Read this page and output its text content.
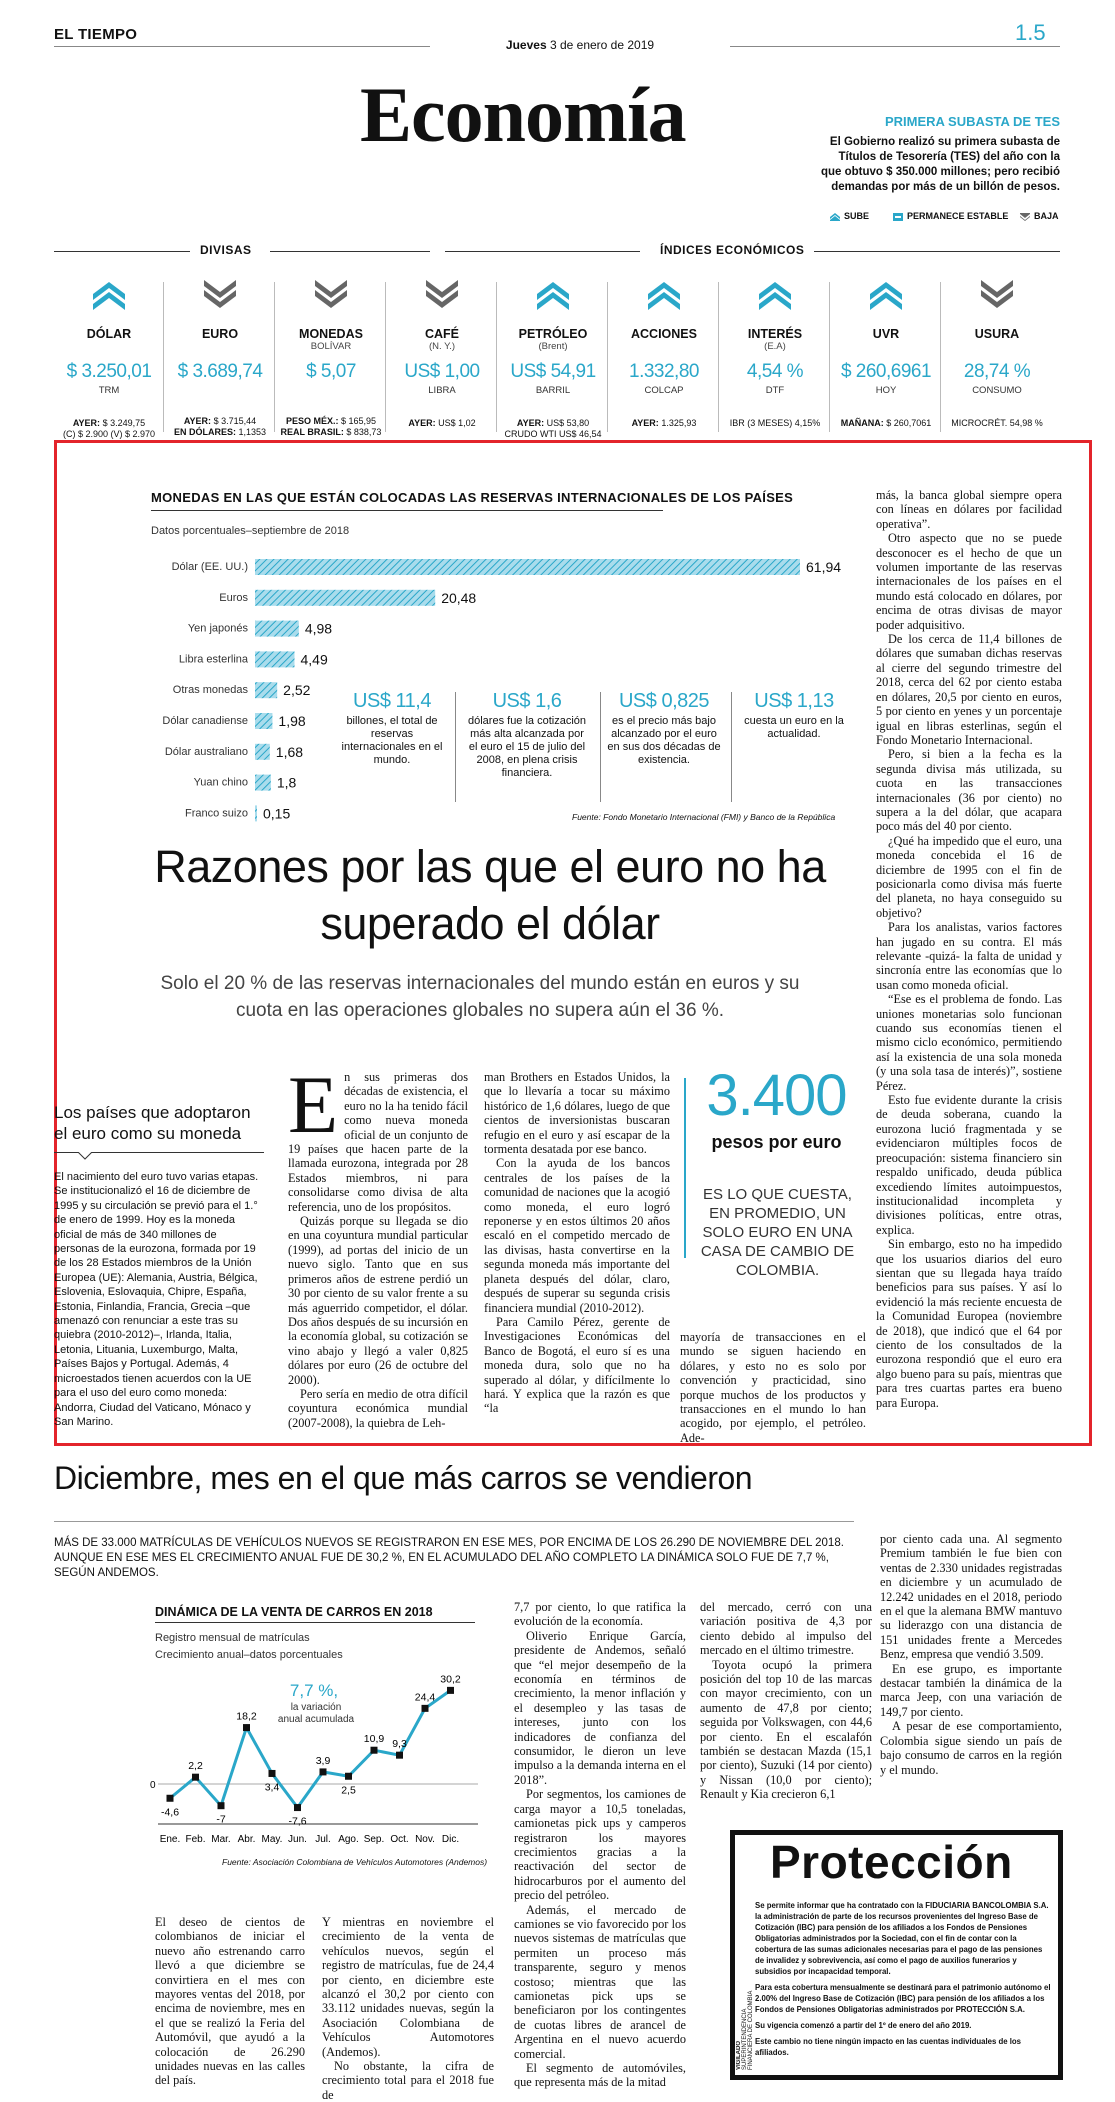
EL TIEMPO
Jueves 3 de enero de 2019	1.5
Economía	PRIMERA SUBASTA DE TES
El Gobierno realizó su primera subasta de Títulos de Tesorería (TES) del año con la que obtuvo $ 350.000 millones; pero recibió demandas por más de un billón de pesos.
SUBE	PERMANECE ESTABLE	BAJA
DIVISAS	ÍNDICES ECONÓMICOS
DÓLAR
$ 3.250,01
TRM
AYER: $ 3.249,75
(C) $ 2.900 (V) $ 2.970
EURO
$ 3.689,74
AYER: $ 3.715,44
EN DÓLARES: 1,1353
MONEDAS
BOLÍVAR
$ 5,07
PESO MÉX.: $ 165,95
REAL BRASIL: $ 838,73
CAFÉ
(N. Y.)
US$ 1,00
LIBRA
AYER: US$ 1,02
PETRÓLEO
(Brent)
US$ 54,91
BARRIL
AYER: US$ 53,80
CRUDO WTI US$ 46,54
ACCIONES
1.332,80
COLCAP
AYER: 1.325,93
INTERÉS
(E.A)
4,54 %
DTF
IBR (3 MESES) 4,15%
UVR
$ 260,6961
HOY
MAÑANA: $ 260,7061
USURA
28,74 %
CONSUMO
MICROCRÉT. 54,98 %
MONEDAS EN LAS QUE ESTÁN COLOCADAS LAS RESERVAS INTERNACIONALES DE LOS PAÍSES
Datos porcentuales–septiembre de 2018
Dólar (EE. UU.)	61,94
Euros	20,48
Yen japonés	4,98
Libra esterlina	4,49
Otras monedas	2,52
Dólar canadiense 1,98
Dólar australiano 1,68
Yuan chino 1,8
Franco suizo 0,15
US$ 11,4
billones, el total de reservas internacionales en el mundo.
US$ 1,6
dólares fue la cotización más alta alcanzada por el euro el 15 de julio del 2008, en plena crisis financiera.
US$ 0,825
es el precio más bajo alcanzado por el euro en sus dos décadas de existencia.
US$ 1,13
cuesta un euro en la actualidad.
Fuente: Fondo Monetario Internacional (FMI) y Banco de la República
Razones por las que el euro no ha superado el dólar
Solo el 20 % de las reservas internacionales del mundo están en euros y su cuota en las operaciones globales no supera aún el 36 %.
Los países que adoptaron el euro como su moneda
El nacimiento del euro tuvo varias etapas. Se institucionalizó el 16 de diciembre de 1995 y su circulación se previó para el 1.° de enero de 1999. Hoy es la moneda oficial de más de 340 millones de personas de la eurozona, formada por 19 de los 28 Estados miembros de la Unión Europea (UE): Alemania, Austria, Bélgica, Eslovenia, Eslovaquia, Chipre, España, Estonia, Finlandia, Francia, Grecia –que amenazó con renunciar a este tras su quiebra (2010-2012)–, Irlanda, Italia, Letonia, Lituania, Luxemburgo, Malta, Países Bajos y Portugal. Además, 4 microestados tienen acuerdos con la UE para el uso del euro como moneda: Andorra, Ciudad del Vaticano, Mónaco y San Marino.
E n sus primeras dos décadas de existencia, el euro no la ha tenido fácil como nueva moneda oficial de un conjunto de 19 países que hacen parte de la llamada eurozona, integrada por 28 Estados miembros, ni para consolidarse como divisa de alta referencia, uno de los propósitos.

Quizás porque su llegada se dio en una coyuntura mundial particular (1999), ad portas del inicio de un nuevo siglo. Tanto que en sus primeros años de estrene perdió un 30 por ciento de su valor frente a su más aguerrido competidor, el dólar. Dos años después de su incursión en la economía global, su cotización se vino abajo y llegó a valer 0,825 dólares por euro (26 de octubre del 2000).

Pero sería en medio de otra difícil coyuntura económica mundial (2007-2008), la quiebra de Leh-

man Brothers en Estados Unidos, la que lo llevaría a tocar su máximo histórico de 1,6 dólares, luego de que cientos de inversionistas buscaran refugio en el euro y así escapar de la tormenta desatada por ese banco.

Con la ayuda de los bancos centrales de los países de la comunidad de naciones que la acogió como moneda, el euro logró reponerse y en estos últimos 20 años escaló en el competido mercado de las divisas, hasta convertirse en la segunda moneda más importante del planeta después del dólar, claro, después de superar su segunda crisis financiera mundial (2010-2012).

Para Camilo Pérez, gerente de Investigaciones Económicas del Banco de Bogotá, el euro sí es una moneda dura, solo que no ha superado al dólar, y difícilmente lo hará. Y explica que la razón es que “la

3.400
pesos por euro
ES LO QUE CUESTA, EN PROMEDIO, UN SOLO EURO EN UNA CASA DE CAMBIO DE COLOMBIA.

mayoría de transacciones en el mundo se siguen haciendo en dólares, y esto no es solo por convención y practicidad, sino porque muchos de los productos y transacciones en el mundo lo han acogido, por ejemplo, el petróleo. Ade-

más, la banca global siempre opera con líneas en dólares por facilidad operativa”.

Otro aspecto que no se puede desconocer es el hecho de que un volumen importante de las reservas internacionales de los países en el mundo está colocado en dólares, por encima de otras divisas de mayor poder adquisitivo.

De los cerca de 11,4 billones de dólares que sumaban dichas reservas al cierre del segundo trimestre del 2018, cerca del 62 por ciento estaba en dólares, 20,5 por ciento en euros, 5 por ciento en yenes y un porcentaje igual en libras esterlinas, según el Fondo Monetario Internacional.

Pero, si bien a la fecha es la segunda divisa más utilizada, su cuota en las transacciones internacionales (36 por ciento) no supera a la del dólar, que acapara poco más del 40 por ciento.

¿Qué ha impedido que el euro, una moneda concebida el 16 de diciembre de 1995 con el fin de posicionarla como divisa más fuerte del planeta, no haya conseguido su objetivo?

Para los analistas, varios factores han jugado en su contra. El más relevante -quizá- la falta de unidad y sincronía entre las economías que lo usan como moneda oficial.

“Ese es el problema de fondo. Las uniones monetarias solo funcionan cuando sus economías tienen el mismo ciclo económico, permitiendo así la existencia de una sola moneda (y una sola tasa de interés)”, sostiene Pérez.

Esto fue evidente durante la crisis de deuda soberana, cuando la eurozona lució fragmentada y se evidenciaron múltiples focos de preocupación: sistema financiero sin respaldo unificado, deuda pública excediendo límites autoimpuestos, institucionalidad incompleta y divisiones políticas, entre otras, explica.

Sin embargo, esto no ha impedido que los usuarios diarios del euro sientan que su llegada haya traído beneficios para sus países. Y así lo evidenció la más reciente encuesta de la Comunidad Europea (noviembre de 2018), que indicó que el 64 por ciento de los consultados de la eurozona respondió que el euro era algo bueno para su país, mientras que para tres cuartas partes era bueno para Europa.

Diciembre, mes en el que más carros se vendieron
MÁS DE 33.000 MATRÍCULAS DE VEHÍCULOS NUEVOS SE REGISTRARON EN ESE MES, POR ENCIMA DE LOS 26.290 DE NOVIEMBRE DEL 2018. AUNQUE EN ESE MES EL CRECIMIENTO ANUAL FUE DE 30,2 %, EN EL ACUMULADO DEL AÑO COMPLETO LA DINÁMICA SOLO FUE DE 7,7 %, SEGÚN ANDEMOS.
DINÁMICA DE LA VENTA DE CARROS EN 2018
Registro mensual de matrículas
Crecimiento anual–datos porcentuales
0
-4,6
Ene.
2,2
Feb.
-7
Mar.
18,2
Abr.
3,4
May.
-7,6
Jun.
3,9
Jul.
2,5
Ago.
10,9
Sep.
9,3
Oct.
24,4
Nov.
30,2
Dic.
7,7 %,
la variación
anual acumulada
Fuente: Asociación Colombiana de Vehículos Automotores (Andemos)

El deseo de cientos de colombianos de iniciar el nuevo año estrenando carro llevó a que diciembre se convirtiera en el mes con mayores ventas del 2018, por encima de noviembre, mes en el que se realizó la Feria del Automóvil, que ayudó a la colocación de 26.290 unidades nuevas en las calles del país.

Y mientras en noviembre el crecimiento de la venta de vehículos nuevos, según el registro de matrículas, fue de 24,4 por ciento, en diciembre este alcanzó el 30,2 por ciento con 33.112 unidades nuevas, según la Asociación Colombiana de Vehículos Automotores (Andemos).

No obstante, la cifra de crecimiento total para el 2018 fue de

7,7 por ciento, lo que ratifica la evolución de la economía.

Oliverio Enrique García, presidente de Andemos, señaló que “el mejor desempeño de la economía en términos de crecimiento, la menor inflación y el desempleo y las tasas de intereses, junto con los indicadores de confianza del consumidor, le dieron un leve impulso a la demanda interna en el 2018”.

Por segmentos, los camiones de carga mayor a 10,5 toneladas, camionetas pick ups y camperos registraron los mayores crecimientos gracias a la reactivación del sector de hidrocarburos por el aumento del precio del petróleo.

Además, el mercado de camiones se vio favorecido por los nuevos sistemas de matrículas que permiten un proceso más transparente, seguro y menos costoso; mientras que las camionetas pick ups se beneficiaron por los contingentes de cuotas libres de arancel de Argentina en el nuevo acuerdo comercial.

El segmento de automóviles, que representa más de la mitad

del mercado, cerró con una variación positiva de 4,3 por ciento debido al impulso del mercado en el último trimestre.

Toyota ocupó la primera posición del top 10 de las marcas con mayor crecimiento, con un aumento de 47,8 por ciento; seguida por Volkswagen, con 44,6 por ciento. En el escalafón también se destacan Mazda (15,1 por ciento), Suzuki (14 por ciento) y Nissan (10,0 por ciento); Renault y Kia crecieron 6,1

por ciento cada una. Al segmento Premium también le fue bien con ventas de 2.330 unidades registradas en diciembre y un acumulado de 12.242 unidades en el 2018, periodo en el que la alemana BMW mantuvo su liderazgo con una distancia de 151 unidades frente a Mercedes Benz, empresa que vendió 3.509.

En ese grupo, es importante destacar también la dinámica de la marca Jeep, con una variación de 149,7 por ciento.

A pesar de ese comportamiento, Colombia sigue siendo un país de bajo consumo de carros en la región y el mundo.

Protección

Se permite informar que ha contratado con la FIDUCIARIA BANCOLOMBIA S.A. la administración de parte de los recursos provenientes del Ingreso Base de Cotización (IBC) para pensión de los afiliados a los Fondos de Pensiones Obligatorias administrados por la Sociedad, con el fin de contar con la cobertura de las sumas adicionales necesarias para el pago de las pensiones de invalidez y sobrevivencia, así como el pago de auxilios funerarios y subsidios por incapacidad temporal.

Para esta cobertura mensualmente se destinará para el patrimonio autónomo el 2.00% del Ingreso Base de Cotización (IBC) para pensión de los afiliados a los Fondos de Pensiones Obligatorias administrados por PROTECCIÓN S.A.

Su vigencia comenzó a partir del 1º de enero del año 2019.

Este cambio no tiene ningún impacto en las cuentas individuales de los afiliados.

VIGILADO SUPERINTENDENCIA FINANCIERA DE COLOMBIA
